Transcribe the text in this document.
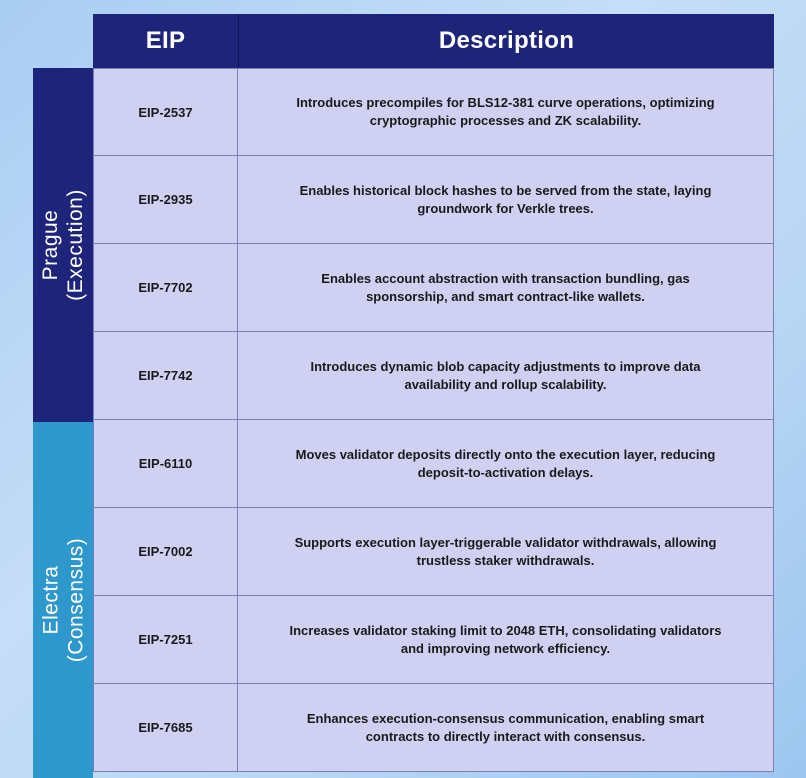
EIP	Description
Prague (Execution)
Electra (Consensus)
EIP-2537
Introduces precompiles for BLS12-381 curve operations, optimizing
cryptographic processes and ZK scalability.
EIP-2935
Enables historical block hashes to be served from the state, laying
groundwork for Verkle trees.
EIP-7702
Enables account abstraction with transaction bundling, gas
sponsorship, and smart contract-like wallets.
EIP-7742
Introduces dynamic blob capacity adjustments to improve data
availability and rollup scalability.
EIP-6110
Moves validator deposits directly onto the execution layer, reducing
deposit-to-activation delays.
EIP-7002
Supports execution layer-triggerable validator withdrawals, allowing
trustless staker withdrawals.
EIP-7251
Increases validator staking limit to 2048 ETH, consolidating validators
and improving network efficiency.
EIP-7685
Enhances execution-consensus communication, enabling smart
contracts to directly interact with consensus.
